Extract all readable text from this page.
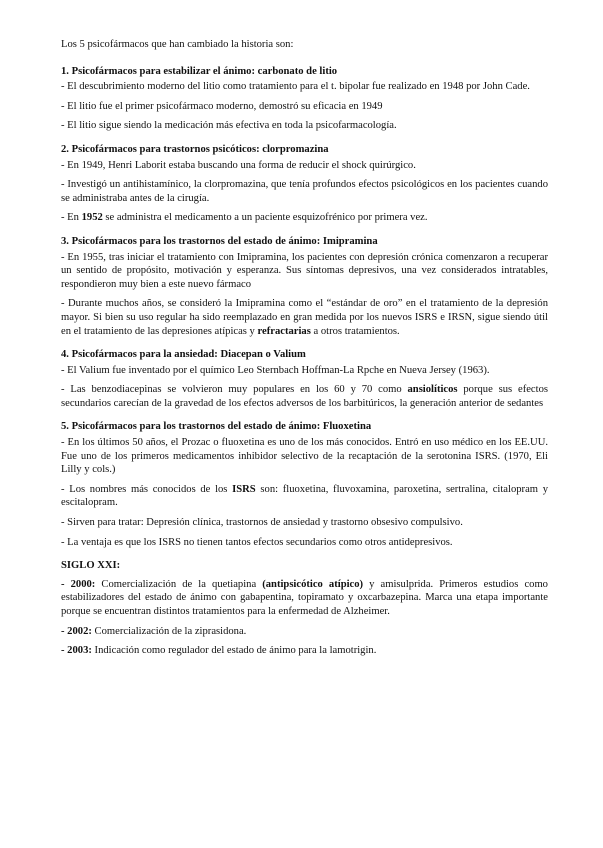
Los 5 psicofármacos que han cambiado la historia son:

1. Psicofármacos para estabilizar el ánimo: carbonato de litio

- El descubrimiento moderno del litio como tratamiento para el t. bipolar fue realizado en 1948 por John Cade.

- El litio fue el primer psicofármaco moderno, demostró su eficacia en 1949

- El litio sigue siendo la medicación más efectiva en toda la psicofarmacología.

2. Psicofármacos para trastornos psicóticos: clorpromazina

- En 1949, Henri Laborit estaba buscando una forma de reducir el shock quirúrgico.

- Investigó un antihistamínico, la clorpromazina, que tenía profundos efectos psicológicos en los pacientes cuando se administraba antes de la cirugía.

- En 1952 se administra el medicamento a un paciente esquizofrénico por primera vez.

3. Psicofármacos para los trastornos del estado de ánimo: Imipramina

- En 1955, tras iniciar el tratamiento con Imipramina, los pacientes con depresión crónica comenzaron a recuperar un sentido de propósito, motivación y esperanza. Sus síntomas depresivos, una vez considerados intratables, respondieron muy bien a este nuevo fármaco

- Durante muchos años, se consideró la Imipramina como el “estándar de oro” en el tratamiento de la depresión mayor. Si bien su uso regular ha sido reemplazado en gran medida por los nuevos ISRS e IRSN, sigue siendo útil en el tratamiento de las depresiones atípicas y refractarias a otros tratamientos.

4. Psicofármacos para la ansiedad: Diacepan o Valium

- El Valium fue inventado por el químico Leo Sternbach Hoffman-La Rpche en Nueva Jersey (1963).

- Las benzodiacepinas se volvieron muy populares en los 60 y 70 como ansiolíticos porque sus efectos secundarios carecían de la gravedad de los efectos adversos de los barbitúricos, la generación anterior de sedantes

5. Psicofármacos para los trastornos del estado de ánimo: Fluoxetina

- En los últimos 50 años, el Prozac o fluoxetina es uno de los más conocidos. Entró en uso médico en los EE.UU. Fue uno de los primeros medicamentos inhibidor selectivo de la recaptación de la serotonina ISRS. (1970, Eli Lilly y cols.)

- Los nombres más conocidos de los ISRS son: fluoxetina, fluvoxamina, paroxetina, sertralina, citalopram y escitalopram.

- Sirven para tratar: Depresión clínica, trastornos de ansiedad y trastorno obsesivo compulsivo.

- La ventaja es que los ISRS no tienen tantos efectos secundarios como otros antidepresivos.

SIGLO XXI:

- 2000: Comercialización de la quetiapina (antipsicótico atípico) y amisulprida. Primeros estudios como estabilizadores del estado de ánimo con gabapentina, topiramato y oxcarbazepina. Marca una etapa importante porque se encuentran distintos tratamientos para la enfermedad de Alzheimer.

- 2002: Comercialización de la ziprasidona.

- 2003: Indicación como regulador del estado de ánimo para la lamotrigin.
